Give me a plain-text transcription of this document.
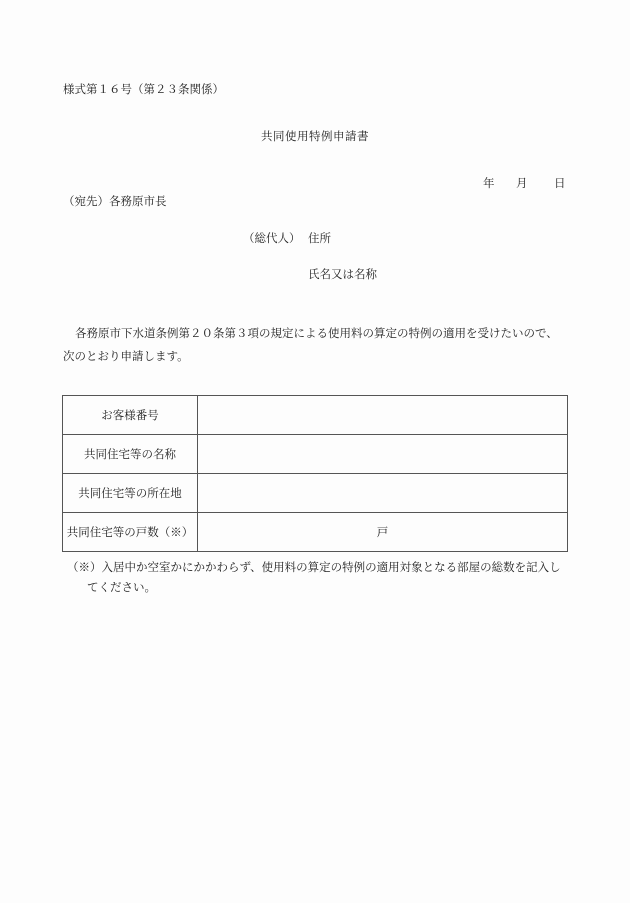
様式第１６号（第２３条関係）
共同使用特例申請書
年 月 日
（宛先）各務原市長
（総代人） 住所
氏名又は名称
各務原市下水道条例第２０条第３項の規定による使用料の算定の特例の適用を受けたいので、
次のとおり申請します。
お客様番号	
共同住宅等の名称	
共同住宅等の所在地	
共同住宅等の戸数（※）	戸
（※）入居中か空室かにかかわらず、使用料の算定の特例の適用対象となる部屋の総数を記入し
てください。
